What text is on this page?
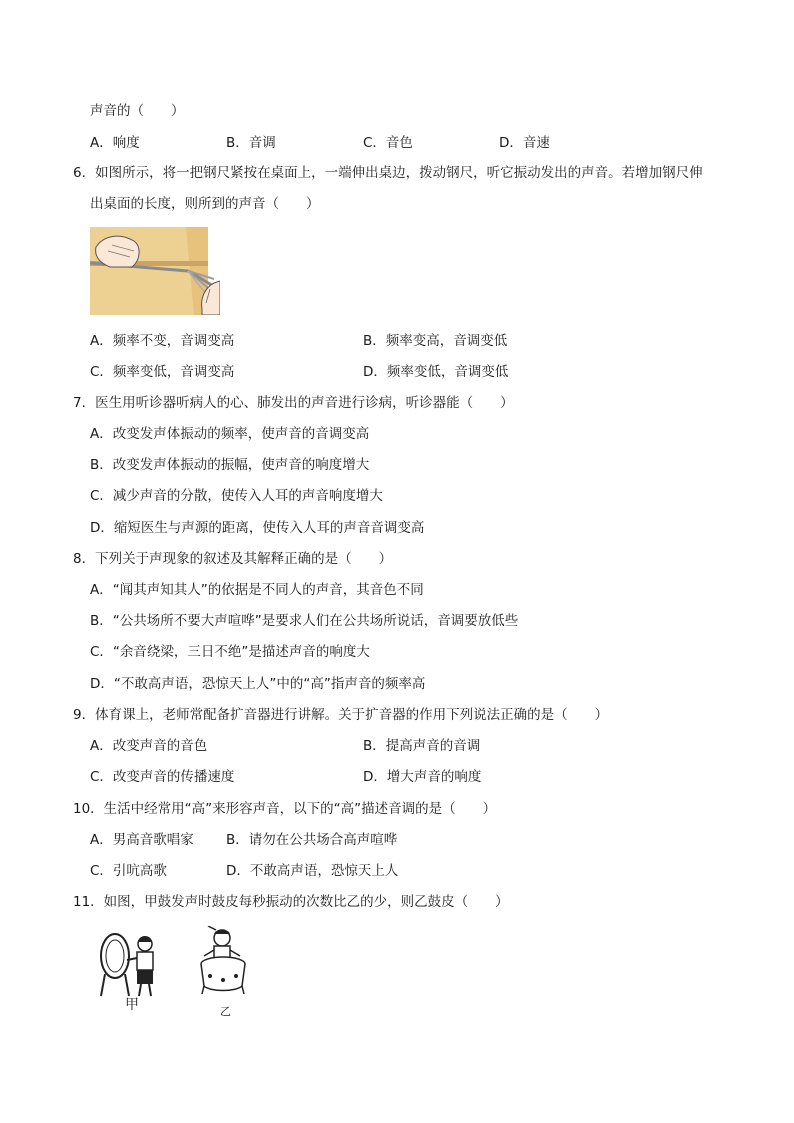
声音的（　　）
A．响度	B．音调	C．音色	D．音速
6．如图所示，将一把钢尺紧按在桌面上，一端伸出桌边，拨动钢尺，听它振动发出的声音。若增加钢尺伸
出桌面的长度，则所到的声音（　　）
A．频率不变，音调变高	B．频率变高，音调变低
C．频率变低，音调变高	D．频率变低，音调变低
7．医生用听诊器听病人的心、肺发出的声音进行诊病，听诊器能（　　）
A．改变发声体振动的频率，使声音的音调变高
B．改变发声体振动的振幅，使声音的响度增大
C．减少声音的分散，使传入人耳的声音响度增大
D．缩短医生与声源的距离，使传入人耳的声音音调变高
8．下列关于声现象的叙述及其解释正确的是（　　）
A．“闻其声知其人”的依据是不同人的声音，其音色不同
B．“公共场所不要大声喧哗”是要求人们在公共场所说话，音调要放低些
C．“余音绕梁，三日不绝”是描述声音的响度大
D．“不敢高声语，恐惊天上人”中的“高”指声音的频率高
9．体育课上，老师常配备扩音器进行讲解。关于扩音器的作用下列说法正确的是（　　）
A．改变声音的音色	B．提高声音的音调
C．改变声音的传播速度	D．增大声音的响度
10．生活中经常用“高”来形容声音，以下的“高”描述音调的是（　　）
A．男高音歌唱家 B．请勿在公共场合高声喧哗
C．引吭高歌	D．不敢高声语，恐惊天上人
11．如图，甲鼓发声时鼓皮每秒振动的次数比乙的少，则乙鼓皮（　　）
甲	乙
